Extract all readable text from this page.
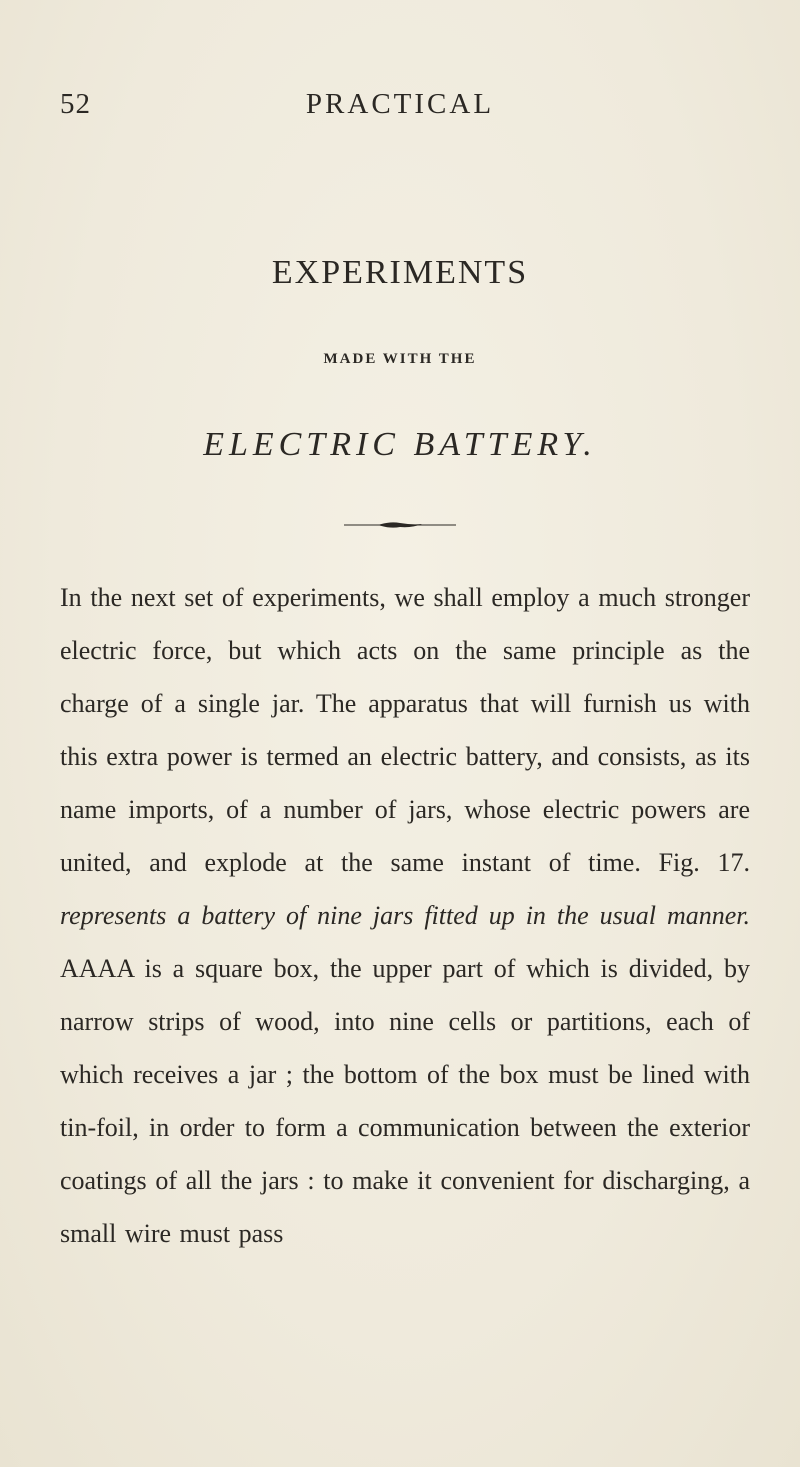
52	PRACTICAL
EXPERIMENTS
MADE WITH THE
ELECTRIC BATTERY.

In the next set of experiments, we shall employ a much stronger electric force, but which acts on the same principle as the charge of a single jar. The apparatus that will furnish us with this extra power is termed an electric battery, and consists, as its name imports, of a number of jars, whose electric powers are united, and explode at the same instant of time. Fig. 17. represents a battery of nine jars fitted up in the usual manner. AAAA is a square box, the upper part of which is divided, by narrow strips of wood, into nine cells or partitions, each of which receives a jar ; the bottom of the box must be lined with tin-foil, in order to form a communication between the exterior coatings of all the jars : to make it convenient for discharging, a small wire must pass
